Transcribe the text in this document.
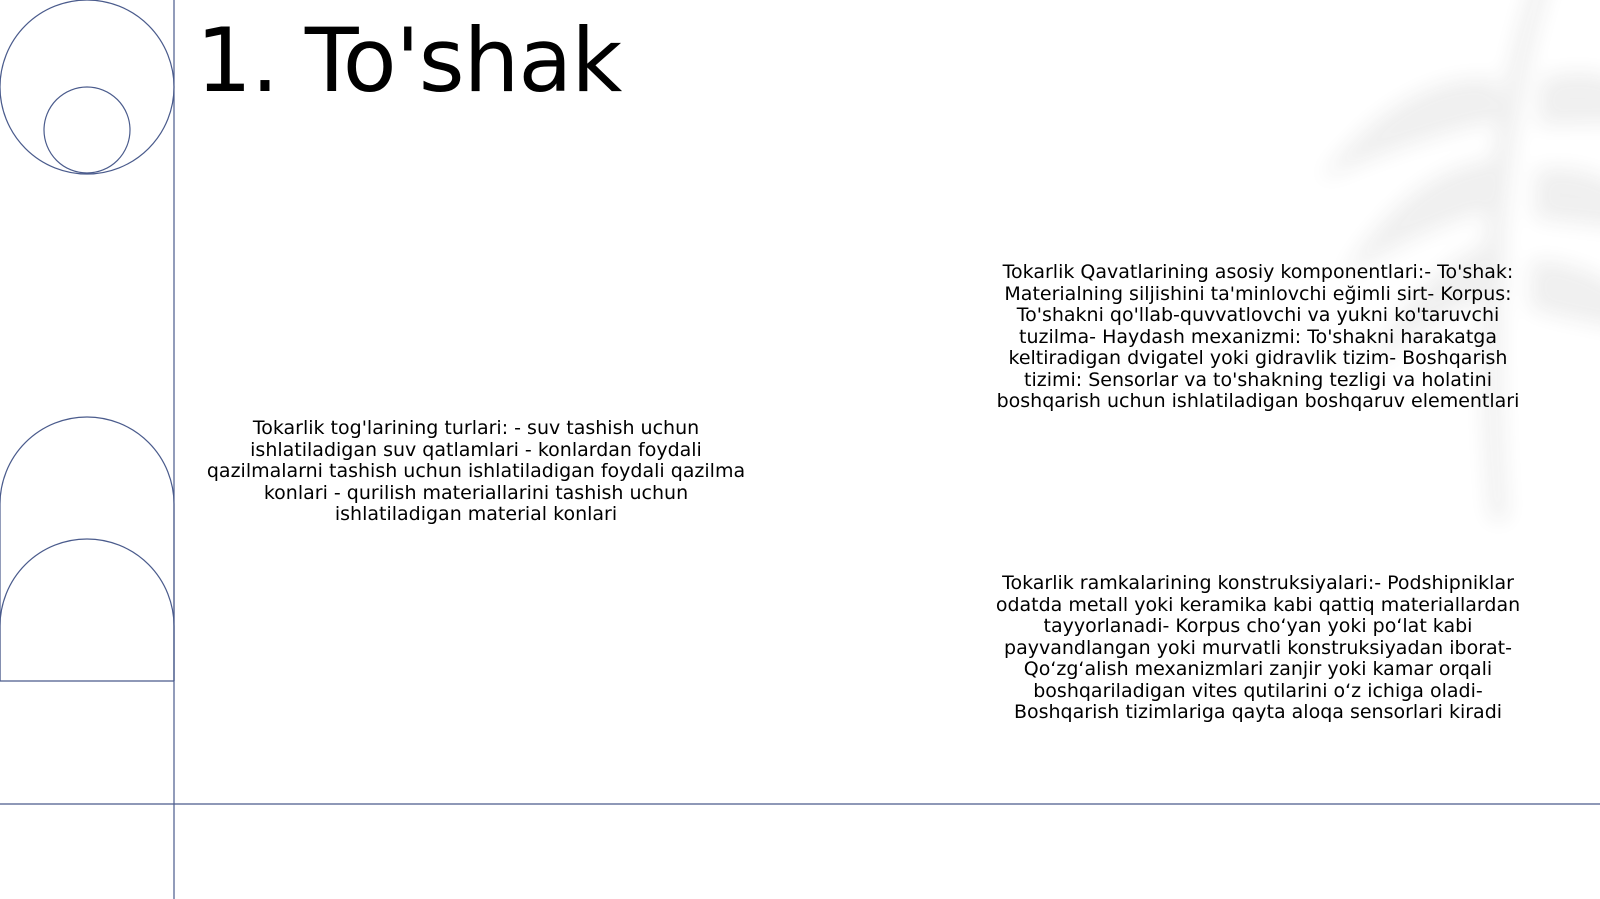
1. To'shak

Tokarlik tog'larining turlari: - suv tashish uchun ishlatiladigan suv qatlamlari - konlardan foydali qazilmalarni tashish uchun ishlatiladigan foydali qazilma konlari - qurilish materiallarini tashish uchun ishlatiladigan material konlari

Tokarlik Qavatlarining asosiy komponentlari:- To'shak: Materialning siljishini ta'minlovchi eğimli sirt- Korpus: To'shakni qo'llab-quvvatlovchi va yukni ko'taruvchi tuzilma- Haydash mexanizmi: To'shakni harakatga keltiradigan dvigatel yoki gidravlik tizim- Boshqarish tizimi: Sensorlar va to'shakning tezligi va holatini boshqarish uchun ishlatiladigan boshqaruv elementlari

Tokarlik ramkalarining konstruksiyalari:- Podshipniklar odatda metall yoki keramika kabi qattiq materiallardan tayyorlanadi- Korpus cho‘yan yoki po‘lat kabi payvandlangan yoki murvatli konstruksiyadan iborat- Qo‘zg‘alish mexanizmlari zanjir yoki kamar orqali boshqariladigan vites qutilarini o‘z ichiga oladi- Boshqarish tizimlariga qayta aloqa sensorlari kiradi
